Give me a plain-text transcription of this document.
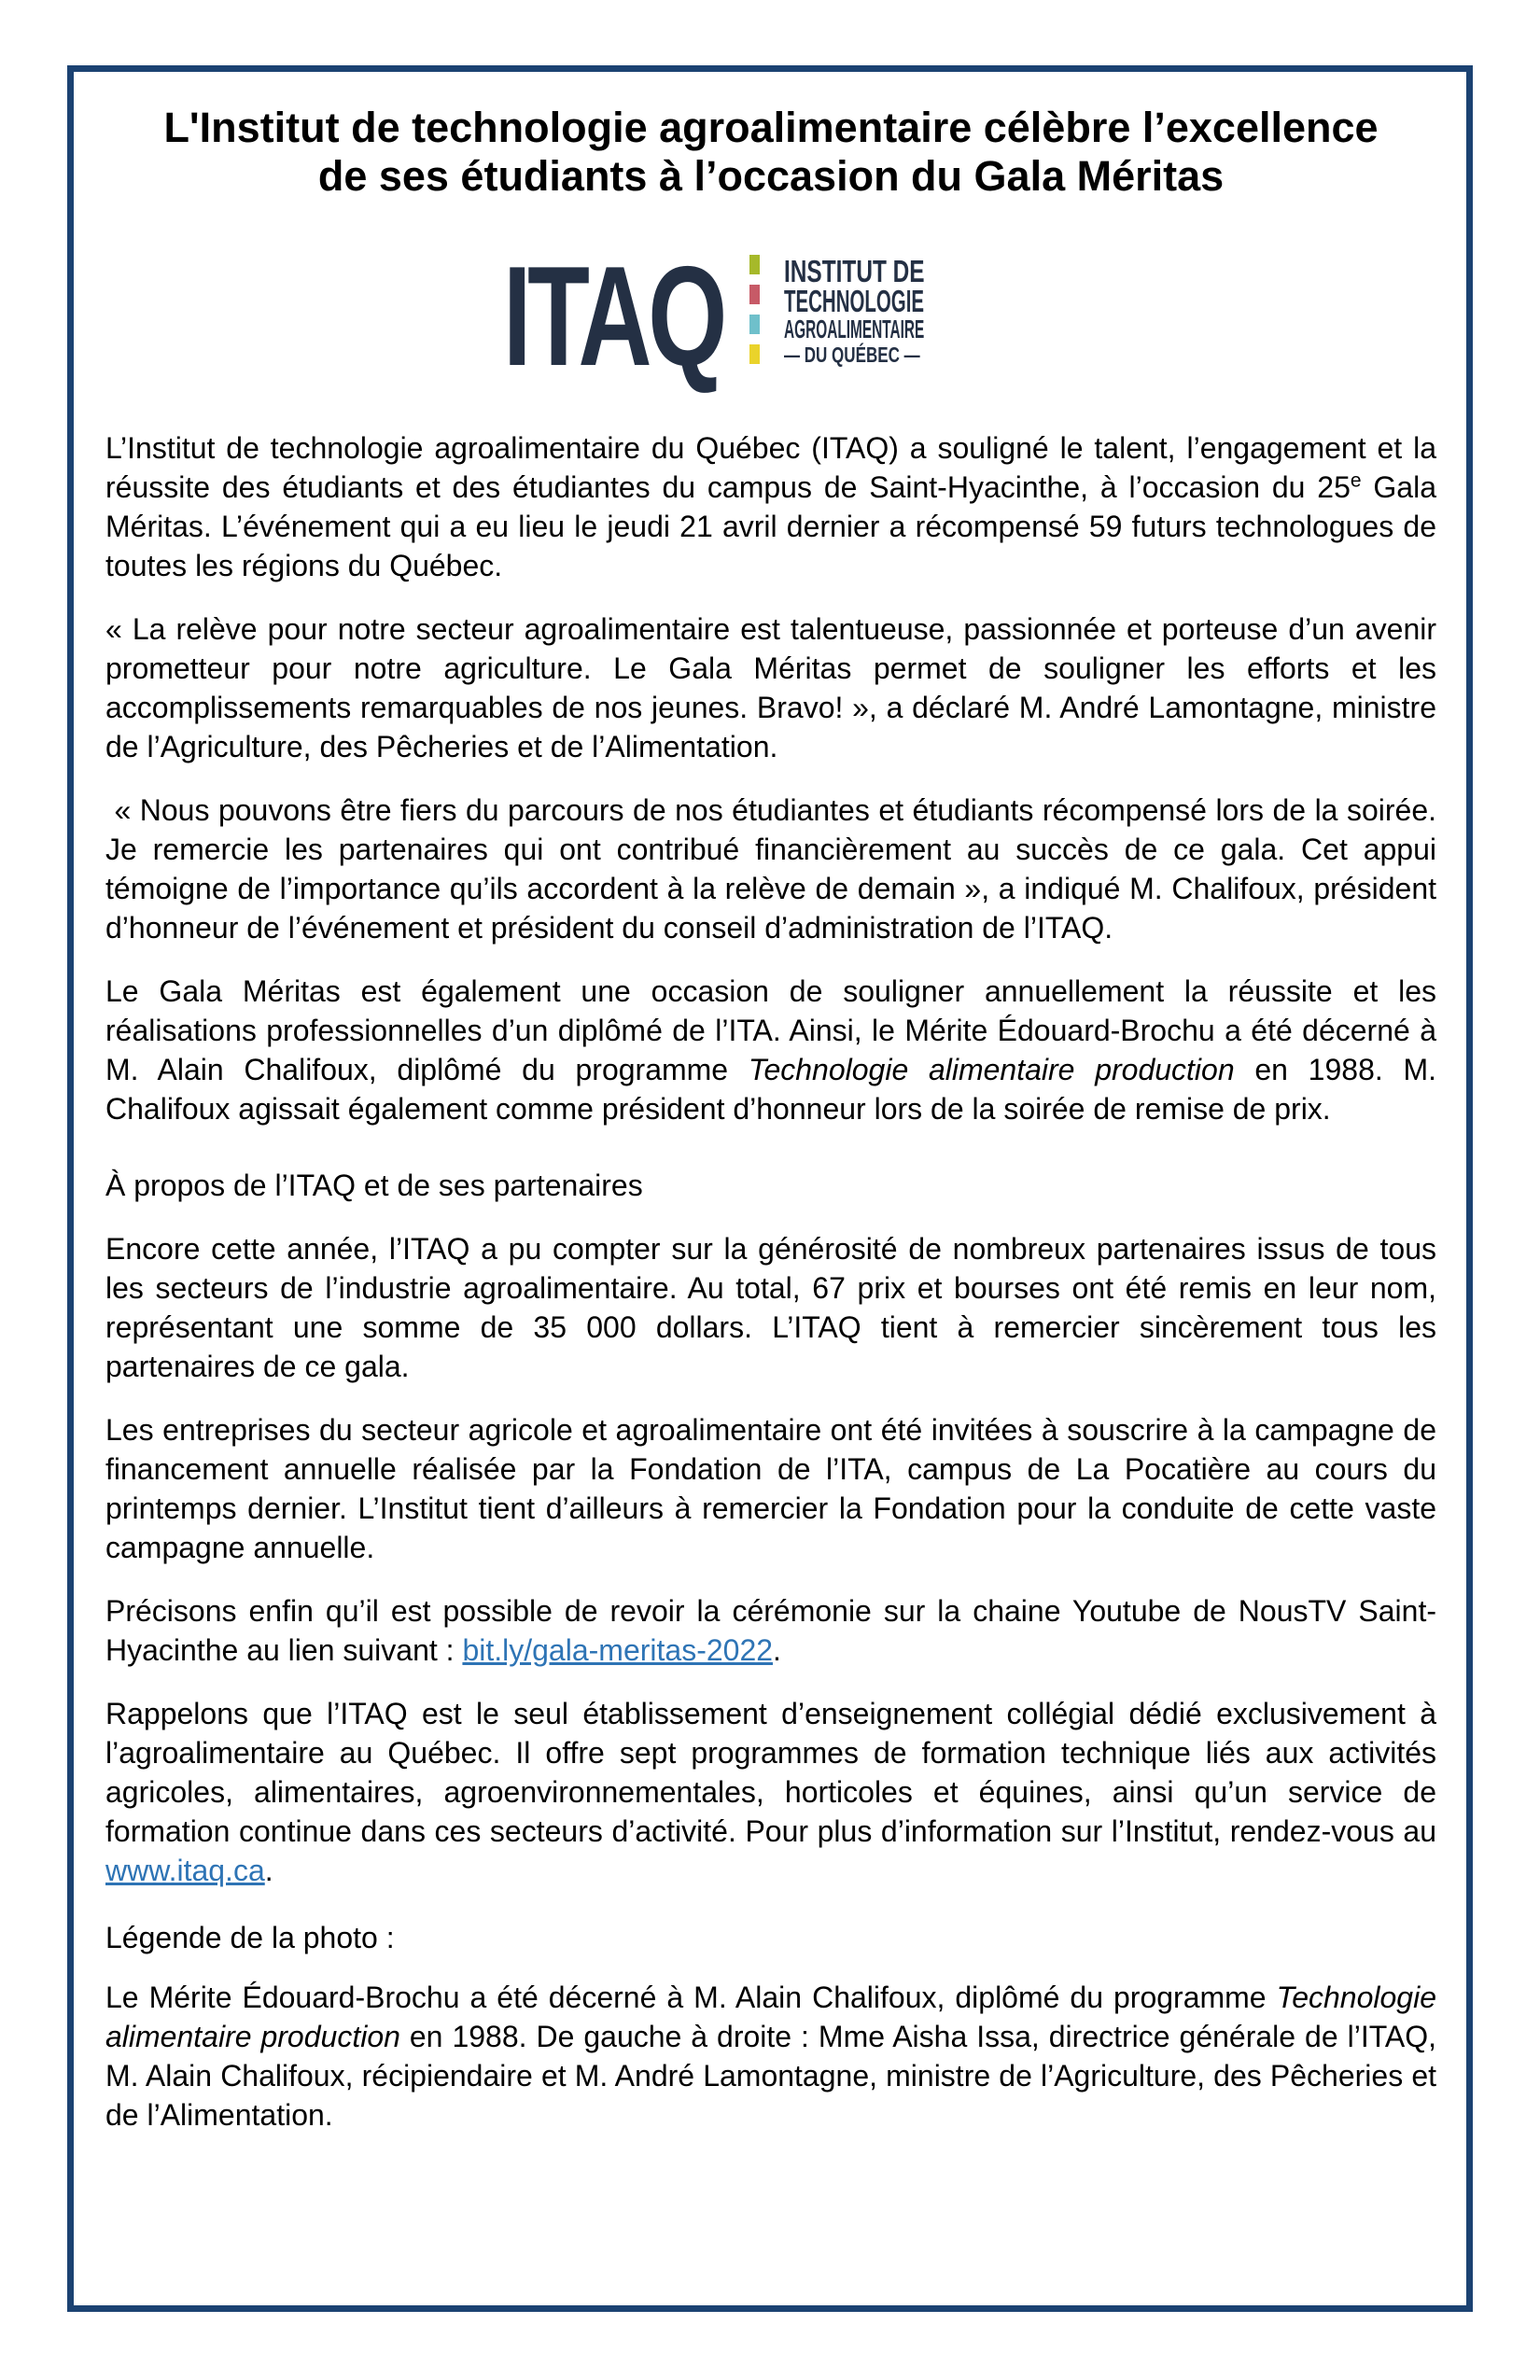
L'Institut de technologie agroalimentaire célèbre l’excellence
de ses étudiants à l’occasion du Gala Méritas
ITAQ INSTITUT DE
TECHNOLOGIE
AGROALIMENTAIRE
— DU QUÉBEC —

L’Institut de technologie agroalimentaire du Québec (ITAQ) a souligné le talent, l’engagement et la réussite des étudiants et des étudiantes du campus de Saint-Hyacinthe, à l’occasion du 25e Gala Méritas. L’événement qui a eu lieu le jeudi 21 avril dernier a récompensé 59 futurs technologues de toutes les régions du Québec.

« La relève pour notre secteur agroalimentaire est talentueuse, passionnée et porteuse d’un avenir prometteur pour notre agriculture. Le Gala Méritas permet de souligner les efforts et les accomplissements remarquables de nos jeunes. Bravo! », a déclaré M. André Lamontagne, ministre de l’Agriculture, des Pêcheries et de l’Alimentation.

« Nous pouvons être fiers du parcours de nos étudiantes et étudiants récompensé lors de la soirée. Je remercie les partenaires qui ont contribué financièrement au succès de ce gala. Cet appui témoigne de l’importance qu’ils accordent à la relève de demain », a indiqué M. Chalifoux, président d’honneur de l’événement et président du conseil d’administration de l’ITAQ.

Le Gala Méritas est également une occasion de souligner annuellement la réussite et les réalisations professionnelles d’un diplômé de l’ITA. Ainsi, le Mérite Édouard-Brochu a été décerné à M. Alain Chalifoux, diplômé du programme Technologie alimentaire production en 1988. M. Chalifoux agissait également comme président d’honneur lors de la soirée de remise de prix.

À propos de l’ITAQ et de ses partenaires

Encore cette année, l’ITAQ a pu compter sur la générosité de nombreux partenaires issus de tous les secteurs de l’industrie agroalimentaire. Au total, 67 prix et bourses ont été remis en leur nom, représentant une somme de 35 000 dollars. L’ITAQ tient à remercier sincèrement tous les partenaires de ce gala.

Les entreprises du secteur agricole et agroalimentaire ont été invitées à souscrire à la campagne de financement annuelle réalisée par la Fondation de l’ITA, campus de La Pocatière au cours du printemps dernier. L’Institut tient d’ailleurs à remercier la Fondation pour la conduite de cette vaste campagne annuelle.

Précisons enfin qu’il est possible de revoir la cérémonie sur la chaine Youtube de NousTV Saint-Hyacinthe au lien suivant : bit.ly/gala-meritas-2022.

Rappelons que l’ITAQ est le seul établissement d’enseignement collégial dédié exclusivement à l’agroalimentaire au Québec. Il offre sept programmes de formation technique liés aux activités agricoles, alimentaires, agroenvironnementales, horticoles et équines, ainsi qu’un service de formation continue dans ces secteurs d’activité. Pour plus d’information sur l’Institut, rendez-vous au www.itaq.ca.

Légende de la photo :

Le Mérite Édouard-Brochu a été décerné à M. Alain Chalifoux, diplômé du programme Technologie alimentaire production en 1988. De gauche à droite : Mme Aisha Issa, directrice générale de l’ITAQ, M. Alain Chalifoux, récipiendaire et M. André Lamontagne, ministre de l’Agriculture, des Pêcheries et de l’Alimentation.
